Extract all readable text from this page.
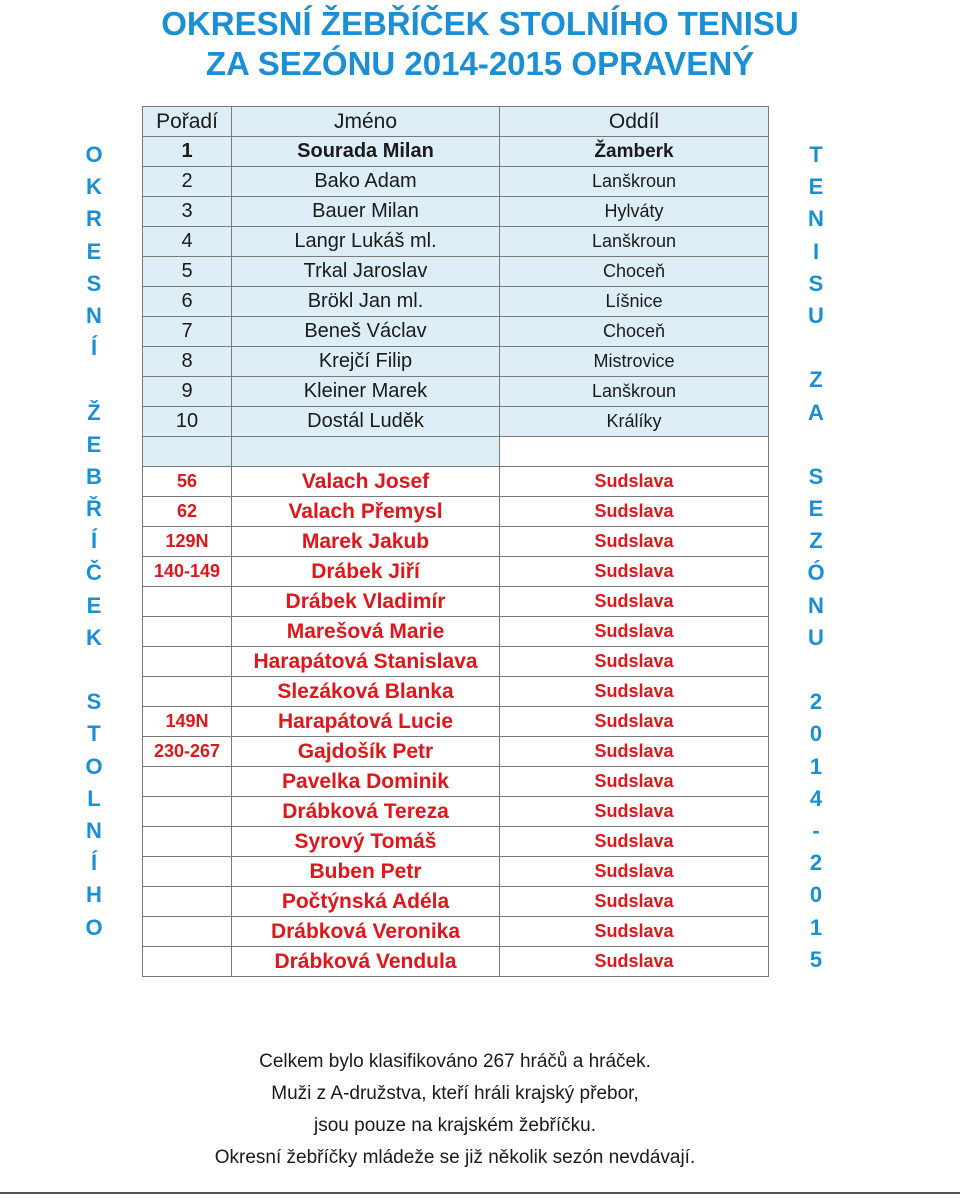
OKRESNÍ ŽEBŘÍČEK STOLNÍHO TENISU
ZA SEZÓNU 2014-2015 OPRAVENÝ
O
K
R
E
S
N
Í
Ž
E
B
Ř
Í
Č
E
K
S
T
O
L
N
Í
H
O
Pořadí	Jméno	Oddíl
1	Sourada Milan	Žamberk
2	Bako Adam	Lanškroun
3	Bauer Milan	Hylváty
4	Langr Lukáš ml.	Lanškroun
5	Trkal Jaroslav	Choceň
6	Brökl Jan ml.	Líšnice
7	Beneš Václav	Choceň
8	Krejčí Filip	Mistrovice
9	Kleiner Marek	Lanškroun
10	Dostál Luděk	Králíky

56	Valach Josef	Sudslava
62	Valach Přemysl	Sudslava
129N	Marek Jakub	Sudslava
140-149	Drábek Jiří	Sudslava
	Drábek Vladimír	Sudslava
	Marešová Marie	Sudslava
	Harapátová Stanislava	Sudslava
	Slezáková Blanka	Sudslava
149N	Harapátová Lucie	Sudslava
230-267	Gajdošík Petr	Sudslava
	Pavelka Dominik	Sudslava
	Drábková Tereza	Sudslava
	Syrový Tomáš	Sudslava
	Buben Petr	Sudslava
	Počtýnská Adéla	Sudslava
	Drábková Veronika	Sudslava
	Drábková Vendula	Sudslava
T
E
N
I
S
U
Z
A
S
E
Z
Ó
N
U
2
0
1
4
-
2
0
1
5
Celkem bylo klasifikováno 267 hráčů a hráček.
Muži z A-družstva, kteří hráli krajský přebor,
jsou pouze na krajském žebříčku.
Okresní žebříčky mládeže se již několik sezón nevdávají.
